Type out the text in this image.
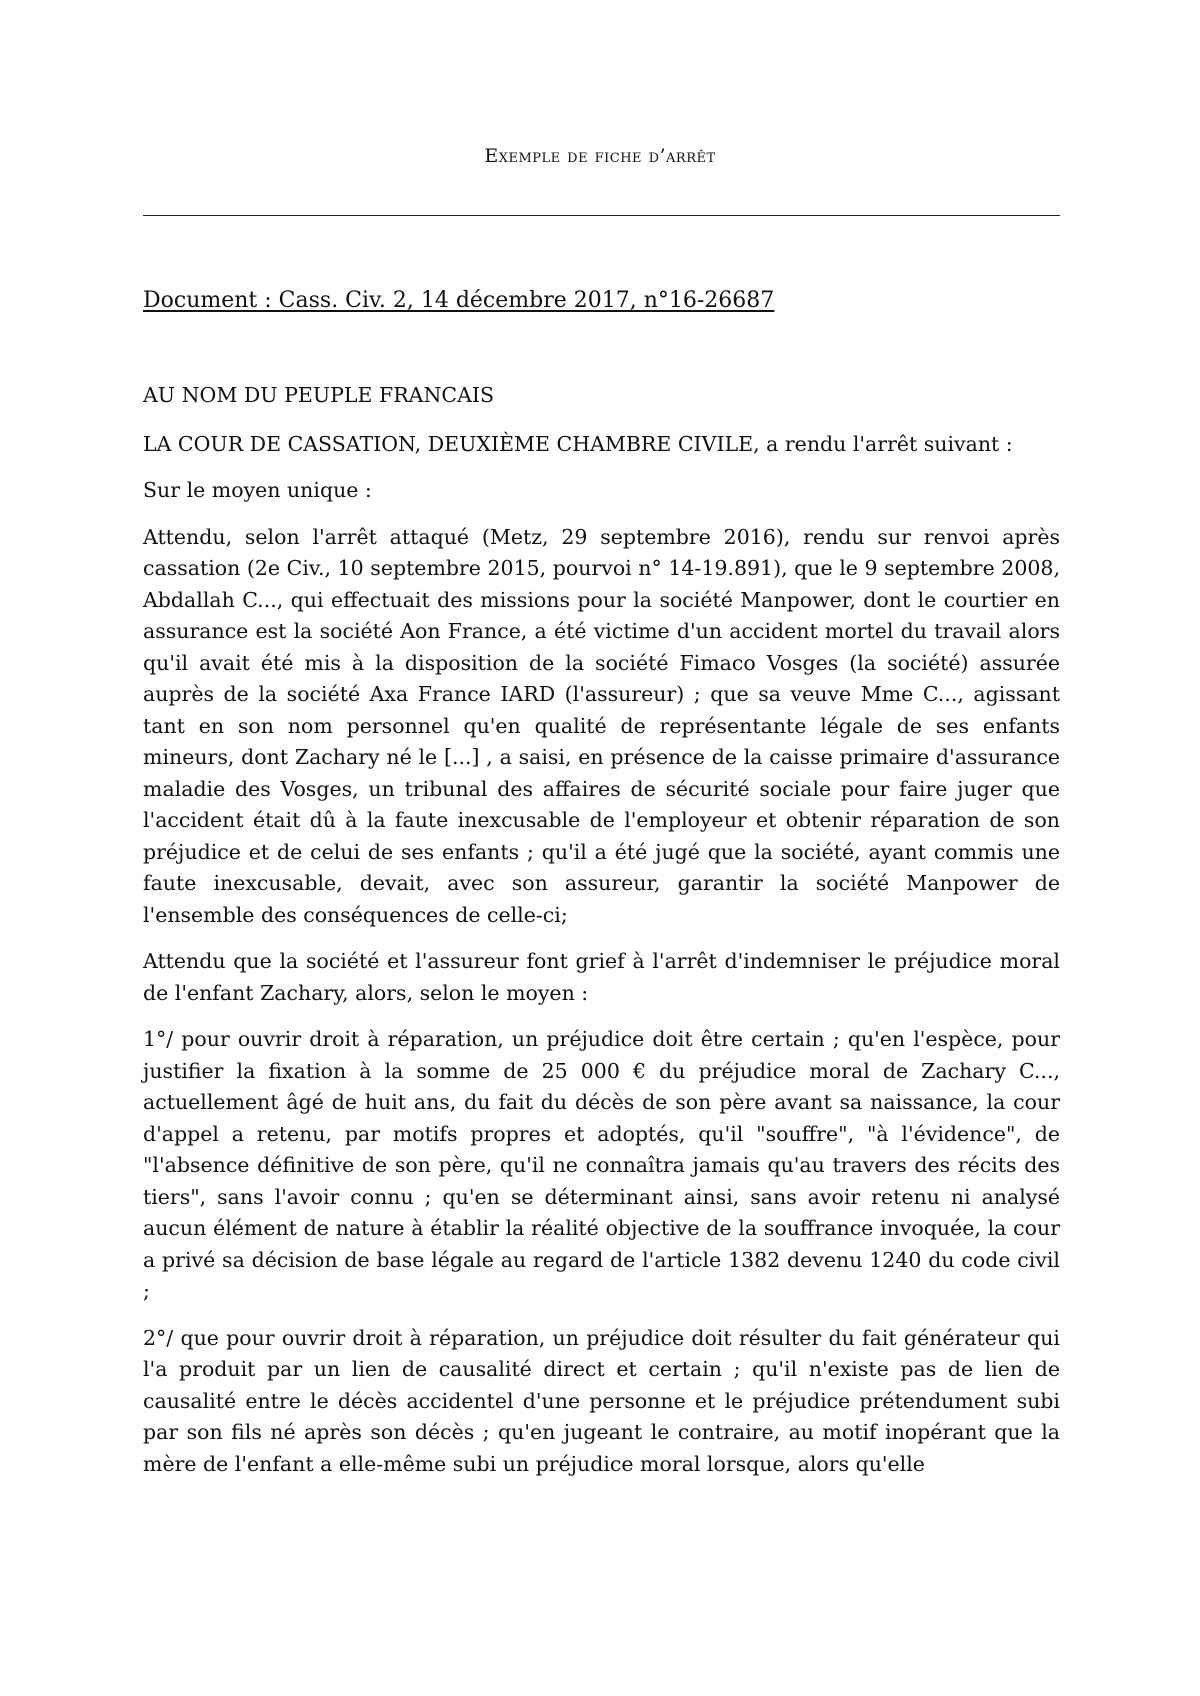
Exemple de fiche d’arrêt
Document : Cass. Civ. 2, 14 décembre 2017, n°16-26687

AU NOM DU PEUPLE FRANCAIS

LA COUR DE CASSATION, DEUXIÈME CHAMBRE CIVILE, a rendu l'arrêt suivant :

Sur le moyen unique :

Attendu, selon l'arrêt attaqué (Metz, 29 septembre 2016), rendu sur renvoi après cassation (2e Civ., 10 septembre 2015, pourvoi n° 14-19.891), que le 9 septembre 2008, Abdallah C..., qui effectuait des missions pour la société Manpower, dont le courtier en assurance est la société Aon France, a été victime d'un accident mortel du travail alors qu'il avait été mis à la disposition de la société Fimaco Vosges (la société) assurée auprès de la société Axa France IARD (l'assureur) ; que sa veuve Mme C..., agissant tant en son nom personnel qu'en qualité de représentante légale de ses enfants mineurs, dont Zachary né le [...] , a saisi, en présence de la caisse primaire d'assurance maladie des Vosges, un tribunal des affaires de sécurité sociale pour faire juger que l'accident était dû à la faute inexcusable de l'employeur et obtenir réparation de son préjudice et de celui de ses enfants ; qu'il a été jugé que la société, ayant commis une faute inexcusable, devait, avec son assureur, garantir la société Manpower de l'ensemble des conséquences de celle-ci;

Attendu que la société et l'assureur font grief à l'arrêt d'indemniser le préjudice moral de l'enfant Zachary, alors, selon le moyen :

1°/ pour ouvrir droit à réparation, un préjudice doit être certain ; qu'en l'espèce, pour justifier la fixation à la somme de 25 000 € du préjudice moral de Zachary C..., actuellement âgé de huit ans, du fait du décès de son père avant sa naissance, la cour d'appel a retenu, par motifs propres et adoptés, qu'il "souffre", "à l'évidence", de "l'absence définitive de son père, qu'il ne connaîtra jamais qu'au travers des récits des tiers", sans l'avoir connu ; qu'en se déterminant ainsi, sans avoir retenu ni analysé aucun élément de nature à établir la réalité objective de la souffrance invoquée, la cour a privé sa décision de base légale au regard de l'article 1382 devenu 1240 du code civil ;

2°/ que pour ouvrir droit à réparation, un préjudice doit résulter du fait générateur qui l'a produit par un lien de causalité direct et certain ; qu'il n'existe pas de lien de causalité entre le décès accidentel d'une personne et le préjudice prétendument subi par son fils né après son décès ; qu'en jugeant le contraire, au motif inopérant que la mère de l'enfant a elle-même subi un préjudice moral lorsque, alors qu'elle
